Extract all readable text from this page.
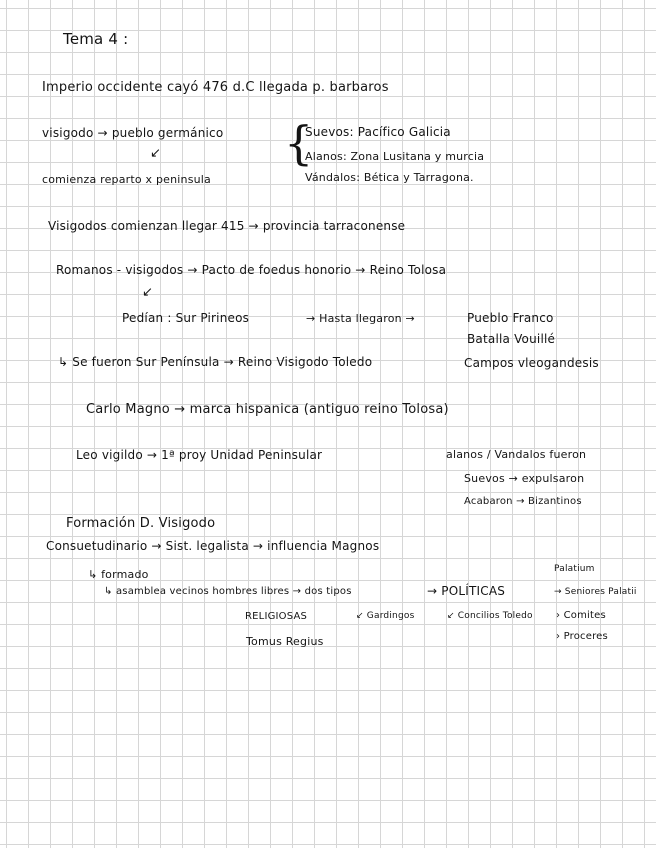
Tema 4 :
Imperio occidente cayó 476 d.C llegada p. barbaros
visigodo → pueblo germánico
↙
comienza reparto x peninsula
{
Suevos: Pacífico Galicia
Alanos: Zona Lusitana y murcia
Vándalos: Bética y Tarragona.
Visigodos comienzan llegar 415 → provincia tarraconense
Romanos - visigodos → Pacto de foedus honorio → Reino Tolosa
↙
Pedían : Sur Pirineos	→ Hasta llegaron →	Pueblo Franco
Batalla Vouillé
Campos vleogandesis
↳ Se fueron Sur Península → Reino Visigodo Toledo
Carlo Magno → marca hispanica (antiguo reino Tolosa)
Leo vigildo → 1ª proy Unidad Peninsular	alanos / Vandalos fueron
Suevos → expulsaron
Acabaron → Bizantinos
Formación D. Visigodo
Consuetudinario → Sist. legalista → influencia Magnos
↳ formado	Palatium
↳ asamblea vecinos hombres libres → dos tipos	→ POLÍTICAS	→ Seniores Palatii
RELIGIOSAS	↙ Gardingos	↙ Concilios Toledo › Comites
› Proceres
Tomus Regius
